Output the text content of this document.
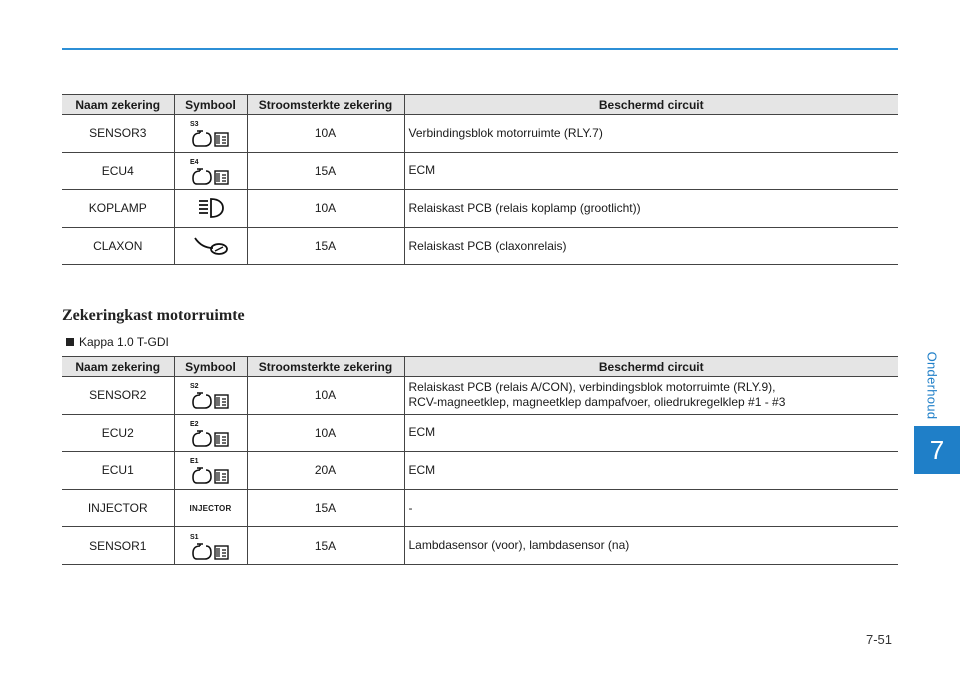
Onderhoud
7
Naam zekering	Symbool	Stroomsterkte zekering	Beschermd circuit
SENSOR3	S3	10A	Verbindingsblok motorruimte (RLY.7)
ECU4	E4	15A	ECM
KOPLAMP		10A	Relaiskast PCB (relais koplamp (grootlicht))
CLAXON		15A	Relaiskast PCB (claxonrelais)
Zekeringkast motorruimte
Kappa 1.0 T-GDI
Naam zekering	Symbool	Stroomsterkte zekering	Beschermd circuit
SENSOR2	S2	10A	Relaiskast PCB (relais A/CON), verbindingsblok motorruimte (RLY.9),
RCV-magneetklep, magneetklep dampafvoer, oliedrukregelklep #1 - #3
ECU2	E2	10A	ECM
ECU1	E1	20A	ECM
INJECTOR	INJECTOR	15A	-
SENSOR1	S1	15A	Lambdasensor (voor), lambdasensor (na)
7-51
